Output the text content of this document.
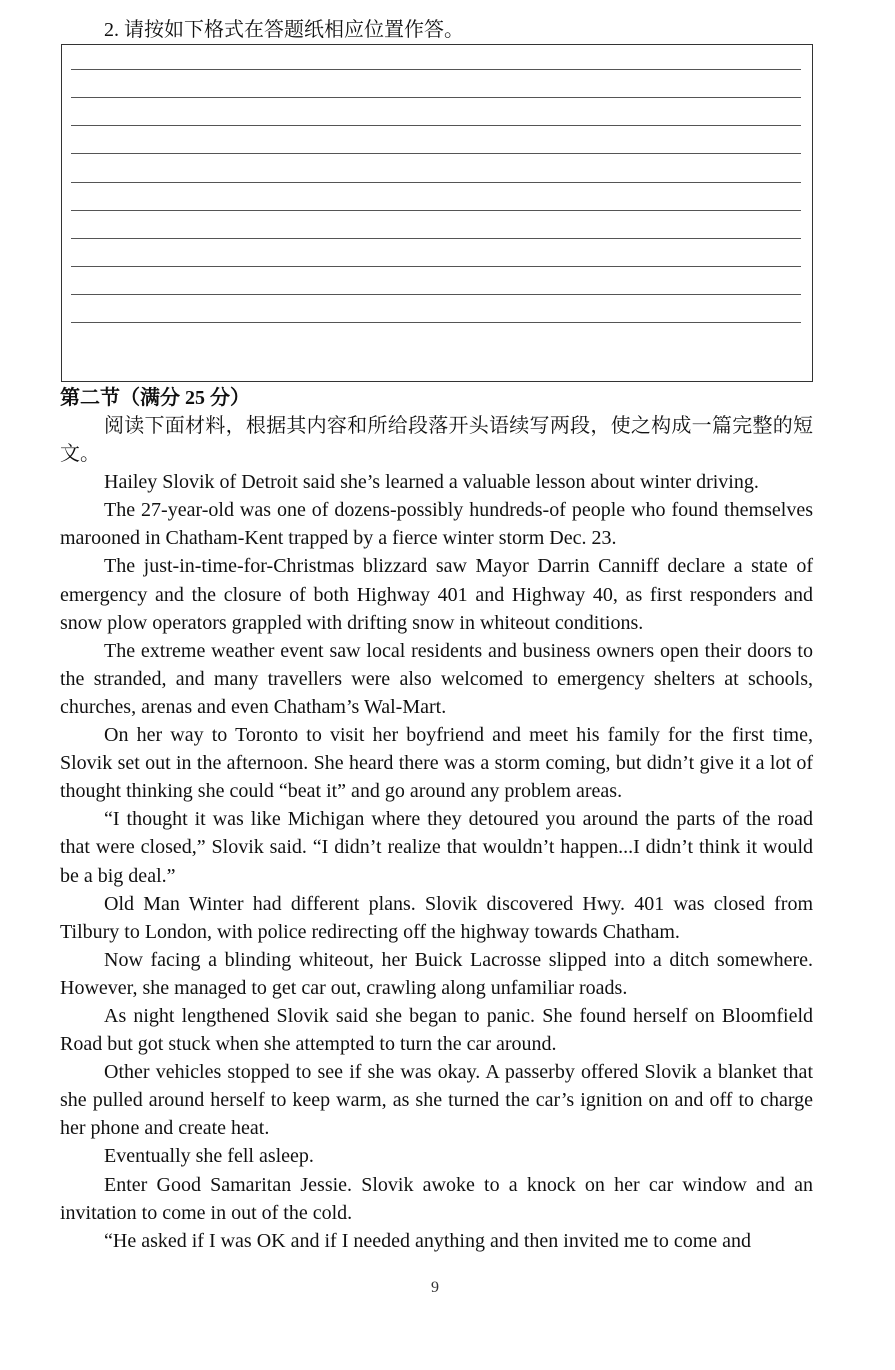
2. 请按如下格式在答题纸相应位置作答。
第二节（满分 25 分）

阅读下面材料，根据其内容和所给段落开头语续写两段，使之构成一篇完整的短文。

Hailey Slovik of Detroit said she’s learned a valuable lesson about winter driving.

The 27-year-old was one of dozens-possibly hundreds-of people who found themselves marooned in Chatham-Kent trapped by a fierce winter storm Dec. 23.

The just-in-time-for-Christmas blizzard saw Mayor Darrin Canniff declare a state of emergency and the closure of both Highway 401 and Highway 40, as first responders and snow plow operators grappled with drifting snow in whiteout conditions.

The extreme weather event saw local residents and business owners open their doors to the stranded, and many travellers were also welcomed to emergency shelters at schools, churches, arenas and even Chatham’s Wal-Mart.

On her way to Toronto to visit her boyfriend and meet his family for the first time, Slovik set out in the afternoon. She heard there was a storm coming, but didn’t give it a lot of thought thinking she could “beat it” and go around any problem areas.

“I thought it was like Michigan where they detoured you around the parts of the road that were closed,” Slovik said. “I didn’t realize that wouldn’t happen...I didn’t think it would be a big deal.”

Old Man Winter had different plans. Slovik discovered Hwy. 401 was closed from Tilbury to London, with police redirecting off the highway towards Chatham.

Now facing a blinding whiteout, her Buick Lacrosse slipped into a ditch somewhere. However, she managed to get car out, crawling along unfamiliar roads.

As night lengthened Slovik said she began to panic. She found herself on Bloomfield Road but got stuck when she attempted to turn the car around.

Other vehicles stopped to see if she was okay. A passerby offered Slovik a blanket that she pulled around herself to keep warm, as she turned the car’s ignition on and off to charge her phone and create heat.

Eventually she fell asleep.

Enter Good Samaritan Jessie. Slovik awoke to a knock on her car window and an invitation to come in out of the cold.

“He asked if I was OK and if I needed anything and then invited me to come and

9
